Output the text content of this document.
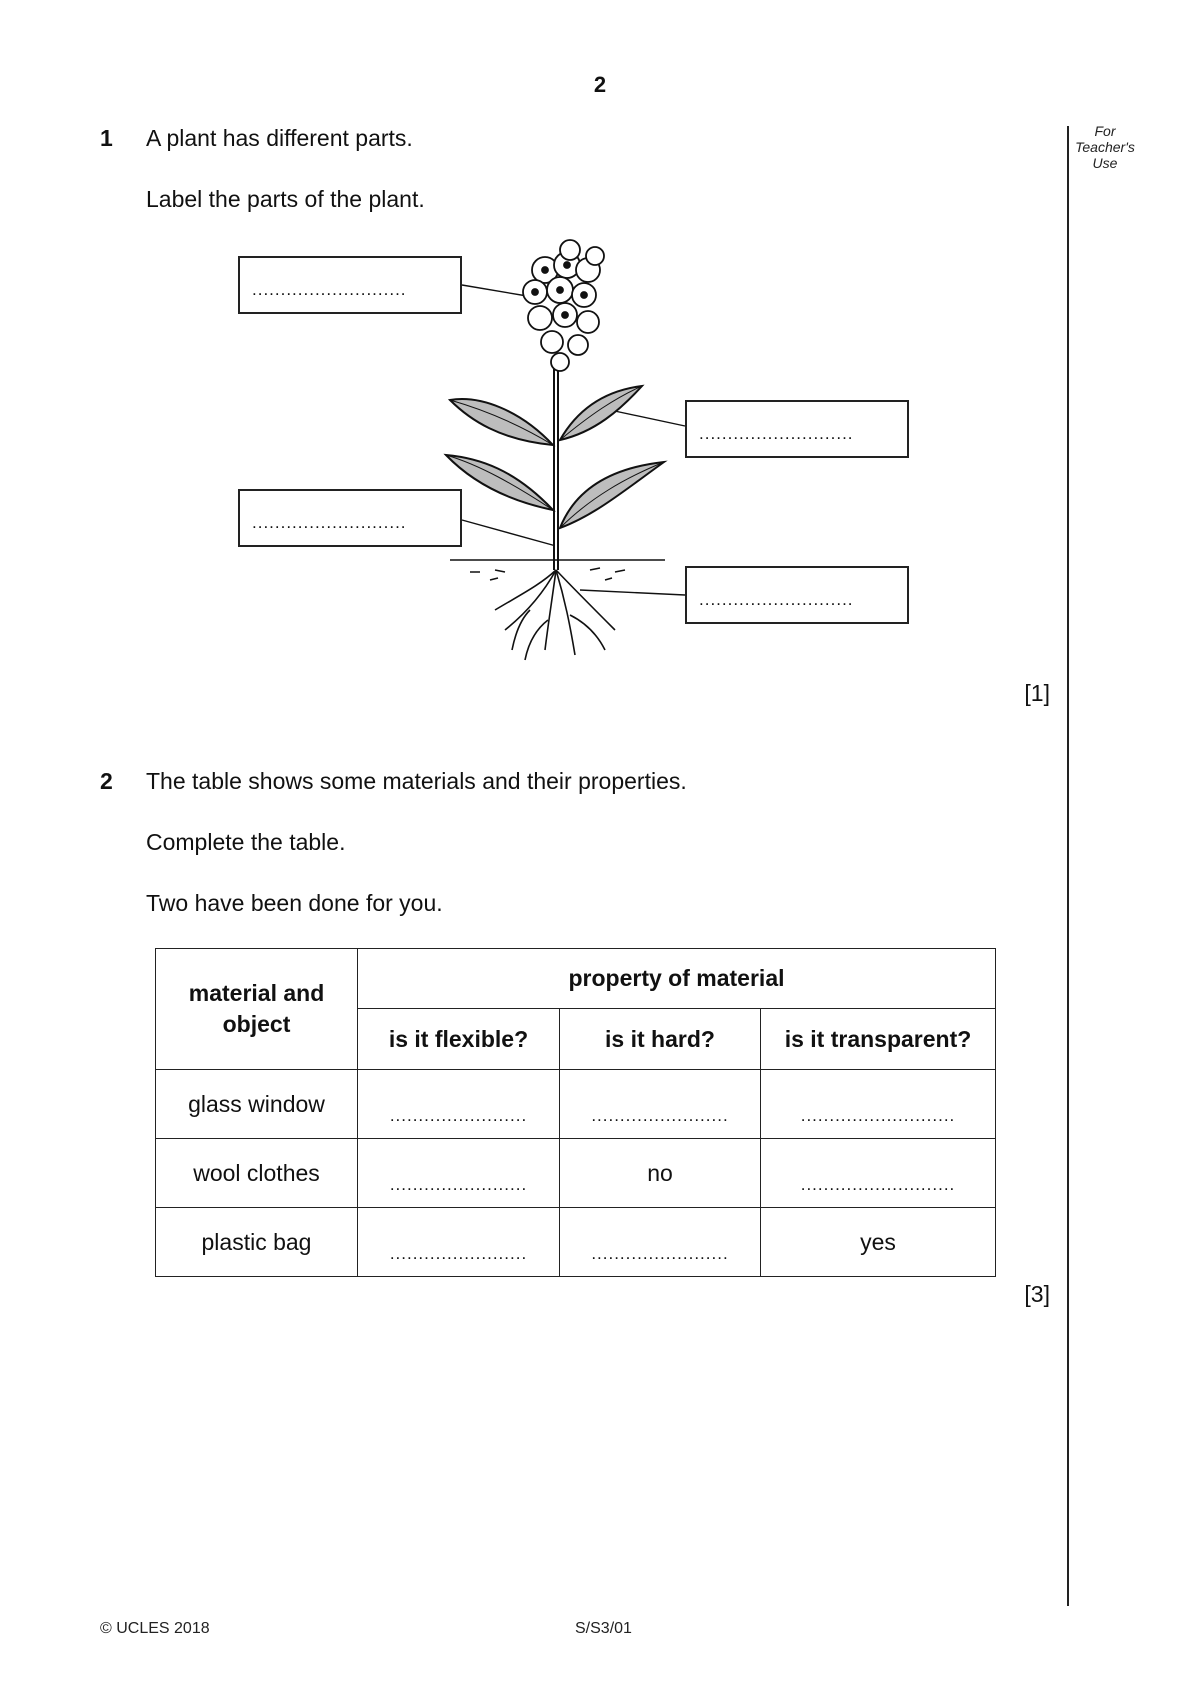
2
For Teacher's Use
1 A plant has different parts.
Label the parts of the plant.
...........................
...........................
...........................
...........................
[1]
2 The table shows some materials and their properties.
Complete the table.
Two have been done for you.
material and object	property of material		
	is it flexible?	is it hard?	is it transparent?
glass window	........................	........................	...........................
wool clothes	........................	no	...........................
plastic bag	........................	........................	yes
[3]
© UCLES 2018	S/S3/01
